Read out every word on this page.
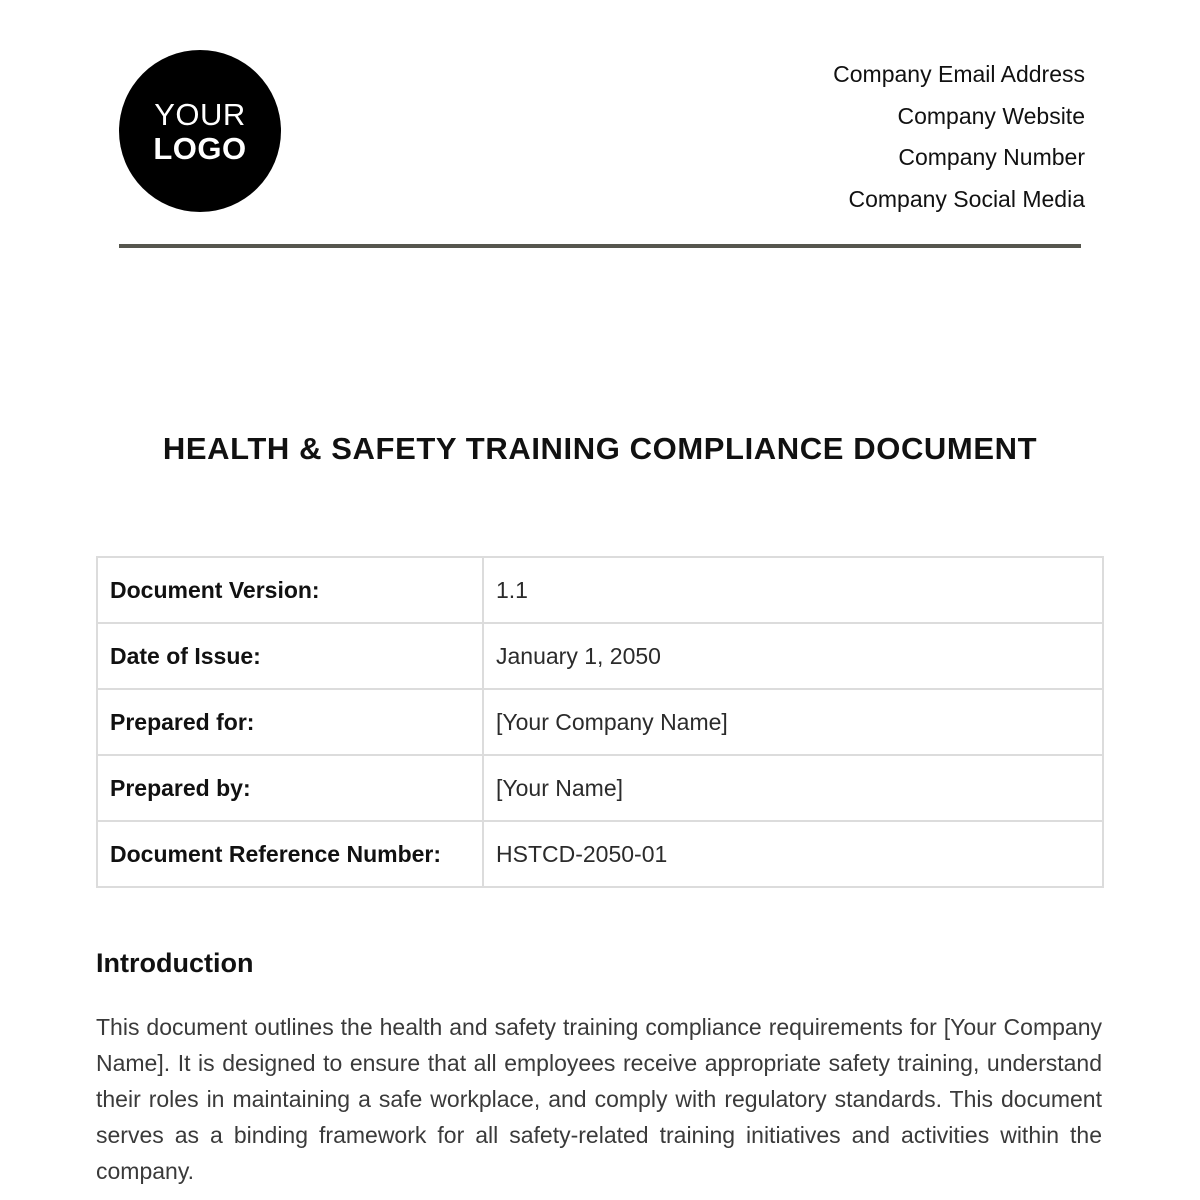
YOUR
LOGO
Company Email Address
Company Website
Company Number
Company Social Media
HEALTH & SAFETY TRAINING COMPLIANCE DOCUMENT
Document Version:	1.1
Date of Issue:	January 1, 2050
Prepared for:	[Your Company Name]
Prepared by:	[Your Name]
Document Reference Number:	HSTCD-2050-01
Introduction

This document outlines the health and safety training compliance requirements for [Your Company Name]. It is designed to ensure that all employees receive appropriate safety training, understand their roles in maintaining a safe workplace, and comply with regulatory standards. This document serves as a binding framework for all safety-related training initiatives and activities within the company.
